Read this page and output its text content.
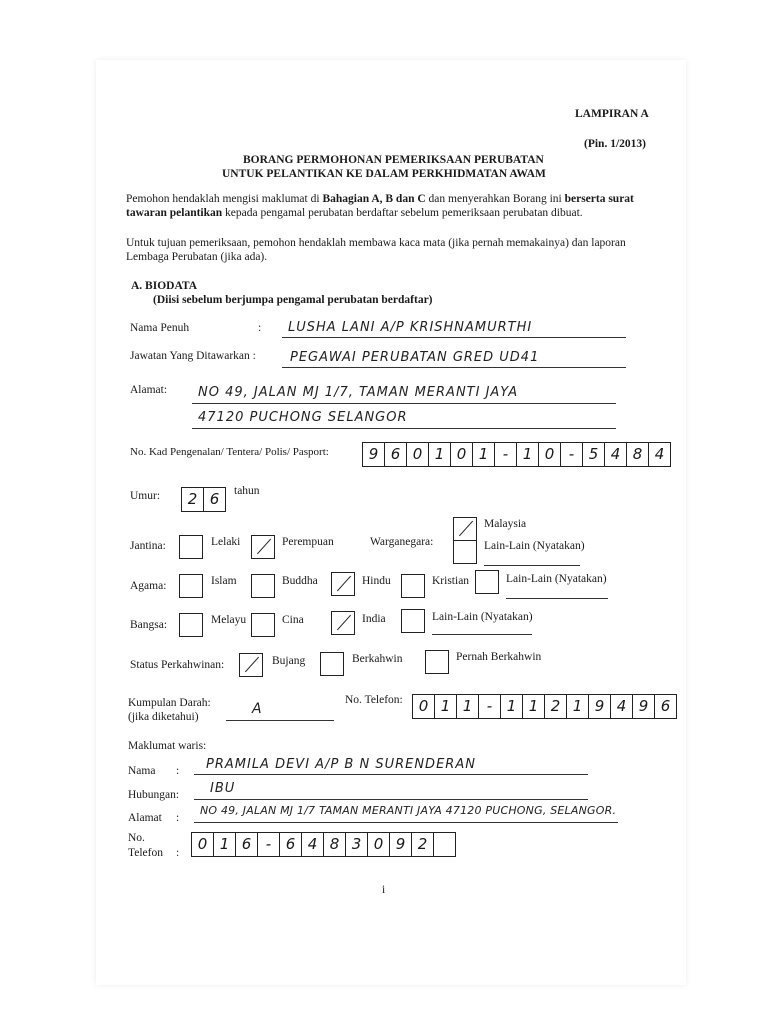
LAMPIRAN A
(Pin. 1/2013)
BORANG PERMOHONAN PEMERIKSAAN PERUBATAN
UNTUK PELANTIKAN KE DALAM PERKHIDMATAN AWAM
Pemohon hendaklah mengisi maklumat di Bahagian A, B dan C dan menyerahkan Borang ini berserta surat tawaran pelantikan kepada pengamal perubatan berdaftar sebelum pemeriksaan perubatan dibuat.
Untuk tujuan pemeriksaan, pemohon hendaklah membawa kaca mata (jika pernah memakainya) dan laporan Lembaga Perubatan (jika ada).
A. BIODATA
(Diisi sebelum berjumpa pengamal perubatan berdaftar)
Nama Penuh	: LUSHA LANI A/P KRISHNAMURTHI
Jawatan Yang Ditawarkan :	PEGAWAI PERUBATAN GRED UD41
Alamat: NO 49, JALAN MJ 1/7, TAMAN MERANTI JAYA
47120 PUCHONG SELANGOR
No. Kad Pengenalan/ Tentera/ Polis/ Pasport:	9 6 0 1 0 1 - 1 0 - 5 4 8 4
Umur:	2 6	tahun
Jantina:	Lelaki	Perempuan	Warganegara:
Malaysia
Lain-Lain (Nyatakan)
Agama:	Islam	Buddha	Hindu	Kristian	Lain-Lain (Nyatakan)
Bangsa:	Melayu	Cina	India	Lain-Lain (Nyatakan)
Status Perkahwinan:	Bujang	Berkahwin	Pernah Berkahwin
Kumpulan Darah:
(jika diketahui)	A
No. Telefon:	0 1 1 - 1 1 2 1 9 4 9 6
Maklumat waris:
Nama : PRAMILA DEVI A/P B N SURENDERAN
Hubungan: IBU
Alamat :
NO 49, JALAN MJ 1/7 TAMAN MERANTI JAYA 47120 PUCHONG, SELANGOR.
No.
Telefon :	0 1 6 - 6 4 8 3 0 9 2
i
